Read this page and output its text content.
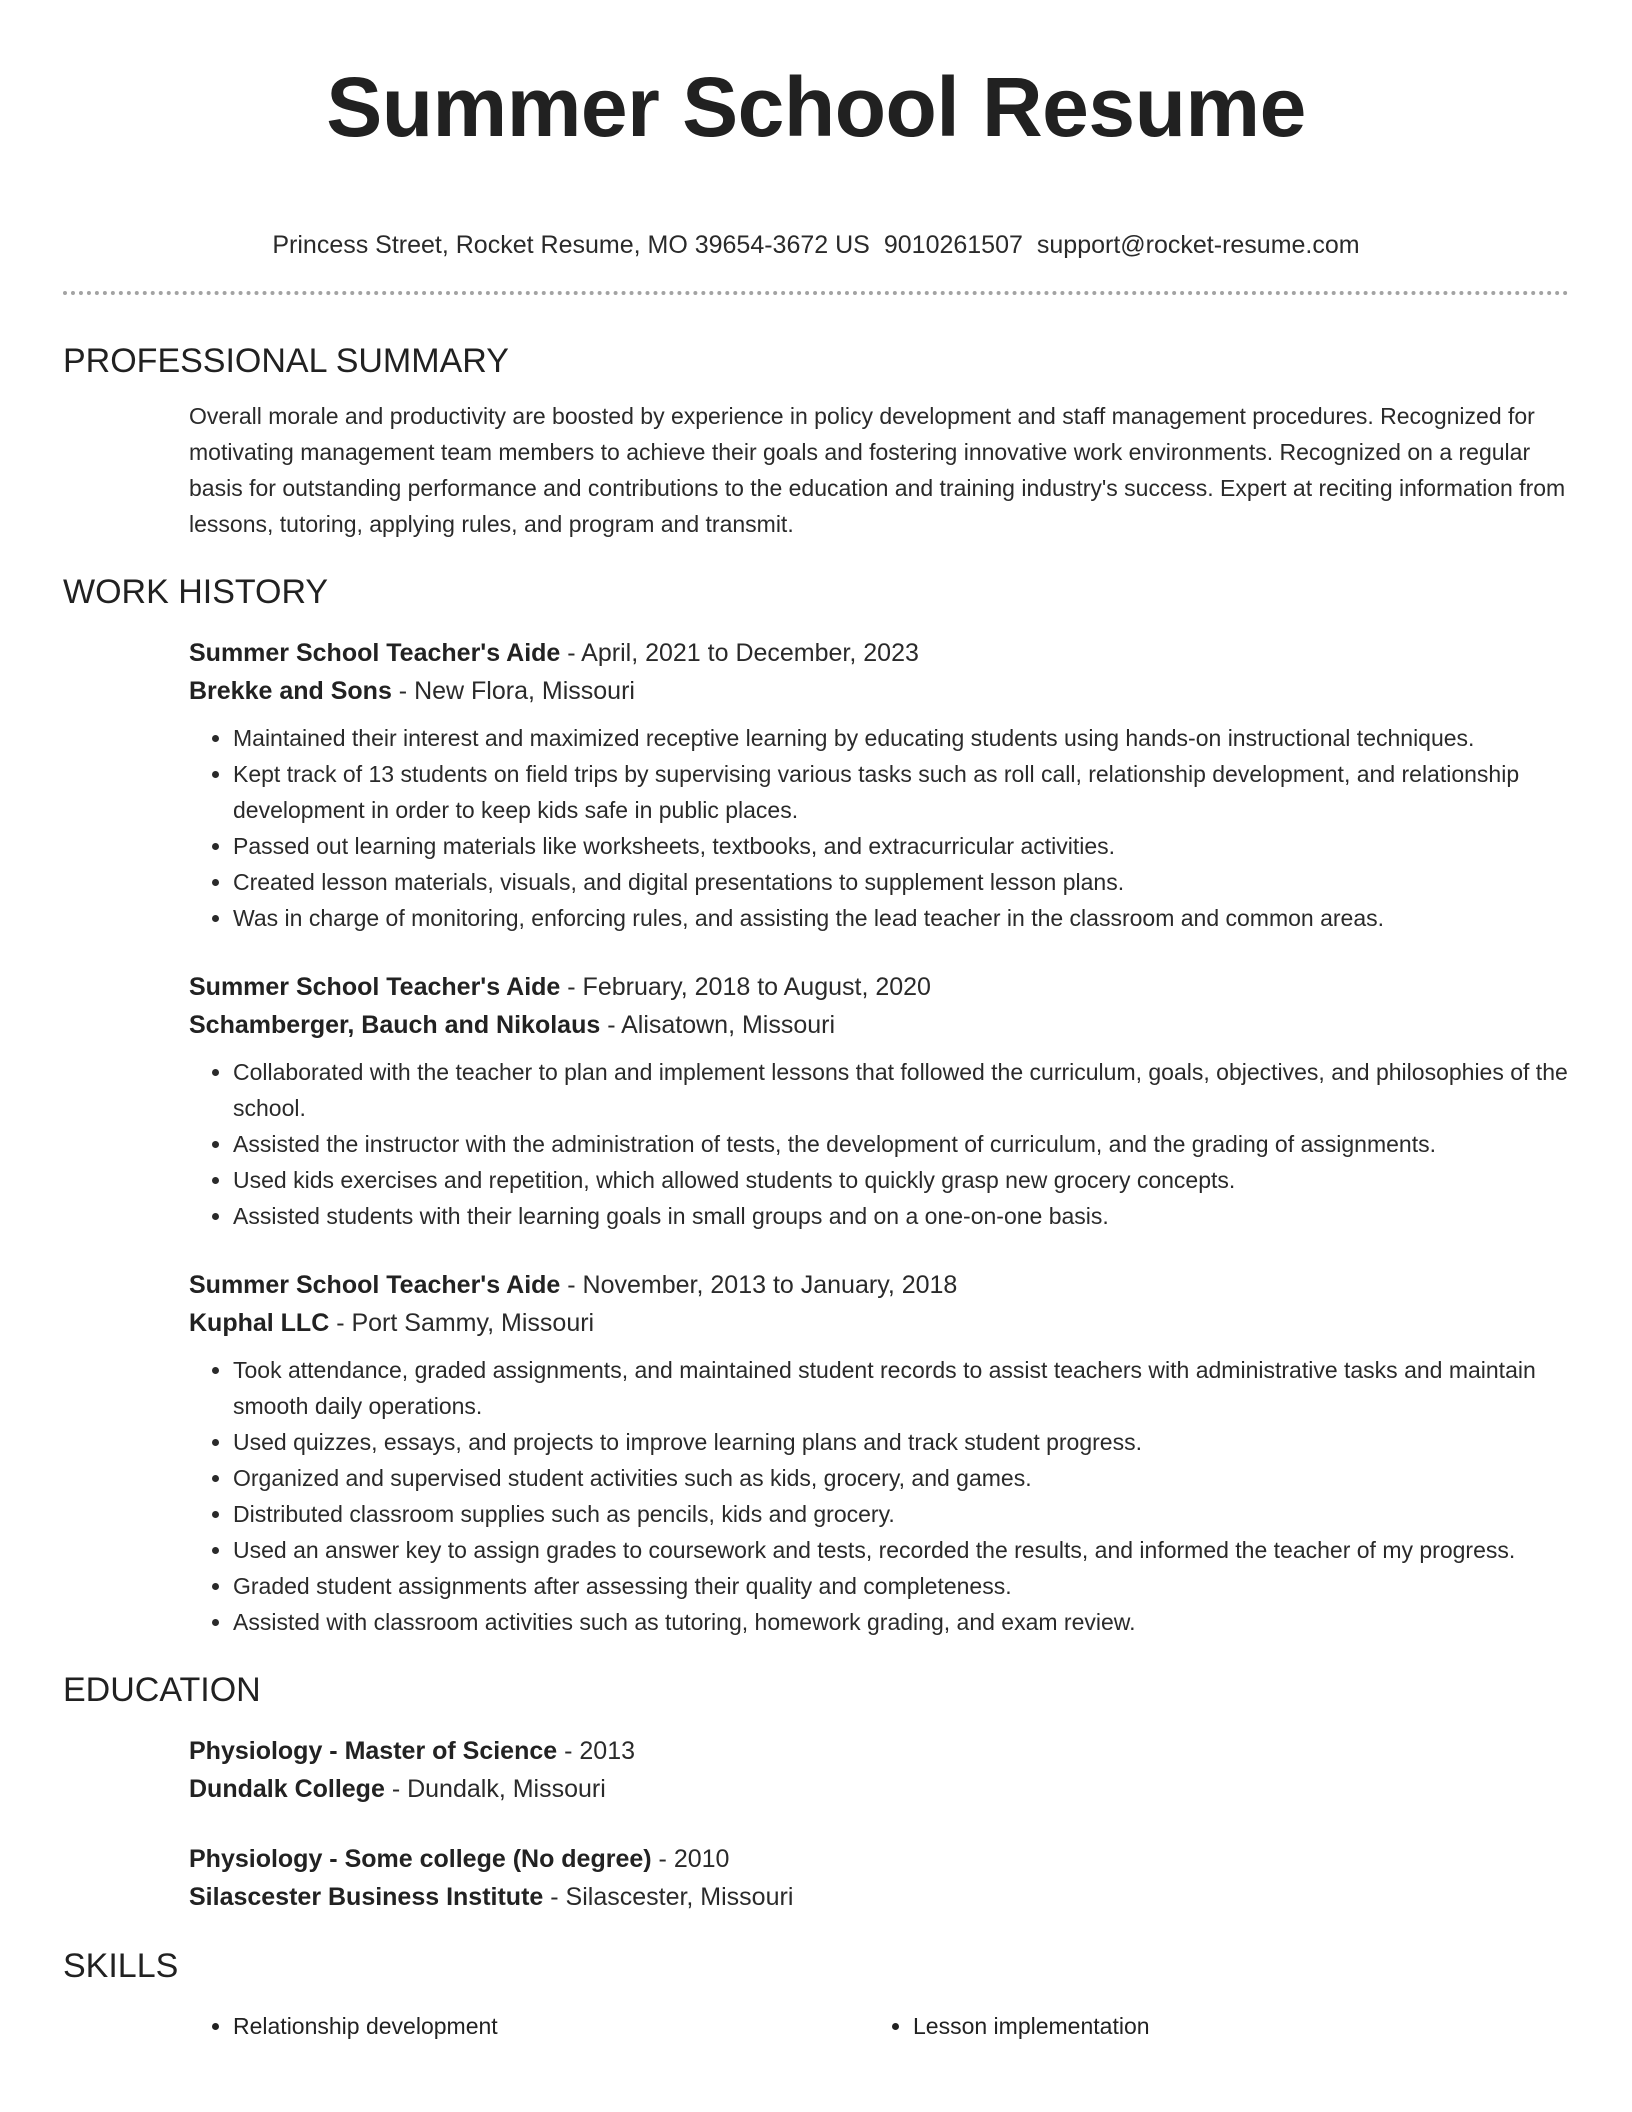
Summer School Resume
Princess Street, Rocket Resume, MO 39654-3672 US 9010261507 support@rocket-resume.com
PROFESSIONAL SUMMARY

Overall morale and productivity are boosted by experience in policy development and staff management procedures. Recognized for motivating management team members to achieve their goals and fostering innovative work environments. Recognized on a regular basis for outstanding performance and contributions to the education and training industry's success. Expert at reciting information from lessons, tutoring, applying rules, and program and transmit.

WORK HISTORY
Summer School Teacher's Aide - April, 2021 to December, 2023
Brekke and Sons - New Flora, Missouri
• Maintained their interest and maximized receptive learning by educating students using hands-on instructional techniques.
• Kept track of 13 students on field trips by supervising various tasks such as roll call, relationship development, and relationship development in order to keep kids safe in public places.
• Passed out learning materials like worksheets, textbooks, and extracurricular activities.
• Created lesson materials, visuals, and digital presentations to supplement lesson plans.
• Was in charge of monitoring, enforcing rules, and assisting the lead teacher in the classroom and common areas.
Summer School Teacher's Aide - February, 2018 to August, 2020
Schamberger, Bauch and Nikolaus - Alisatown, Missouri
• Collaborated with the teacher to plan and implement lessons that followed the curriculum, goals, objectives, and philosophies of the school.
• Assisted the instructor with the administration of tests, the development of curriculum, and the grading of assignments.
• Used kids exercises and repetition, which allowed students to quickly grasp new grocery concepts.
• Assisted students with their learning goals in small groups and on a one-on-one basis.
Summer School Teacher's Aide - November, 2013 to January, 2018
Kuphal LLC - Port Sammy, Missouri
• Took attendance, graded assignments, and maintained student records to assist teachers with administrative tasks and maintain smooth daily operations.
• Used quizzes, essays, and projects to improve learning plans and track student progress.
• Organized and supervised student activities such as kids, grocery, and games.
• Distributed classroom supplies such as pencils, kids and grocery.
• Used an answer key to assign grades to coursework and tests, recorded the results, and informed the teacher of my progress.
• Graded student assignments after assessing their quality and completeness.
• Assisted with classroom activities such as tutoring, homework grading, and exam review.
EDUCATION
Physiology - Master of Science - 2013
Dundalk College - Dundalk, Missouri
Physiology - Some college (No degree) - 2010
Silascester Business Institute - Silascester, Missouri
SKILLS
• Relationship development
•	Lesson implementation
